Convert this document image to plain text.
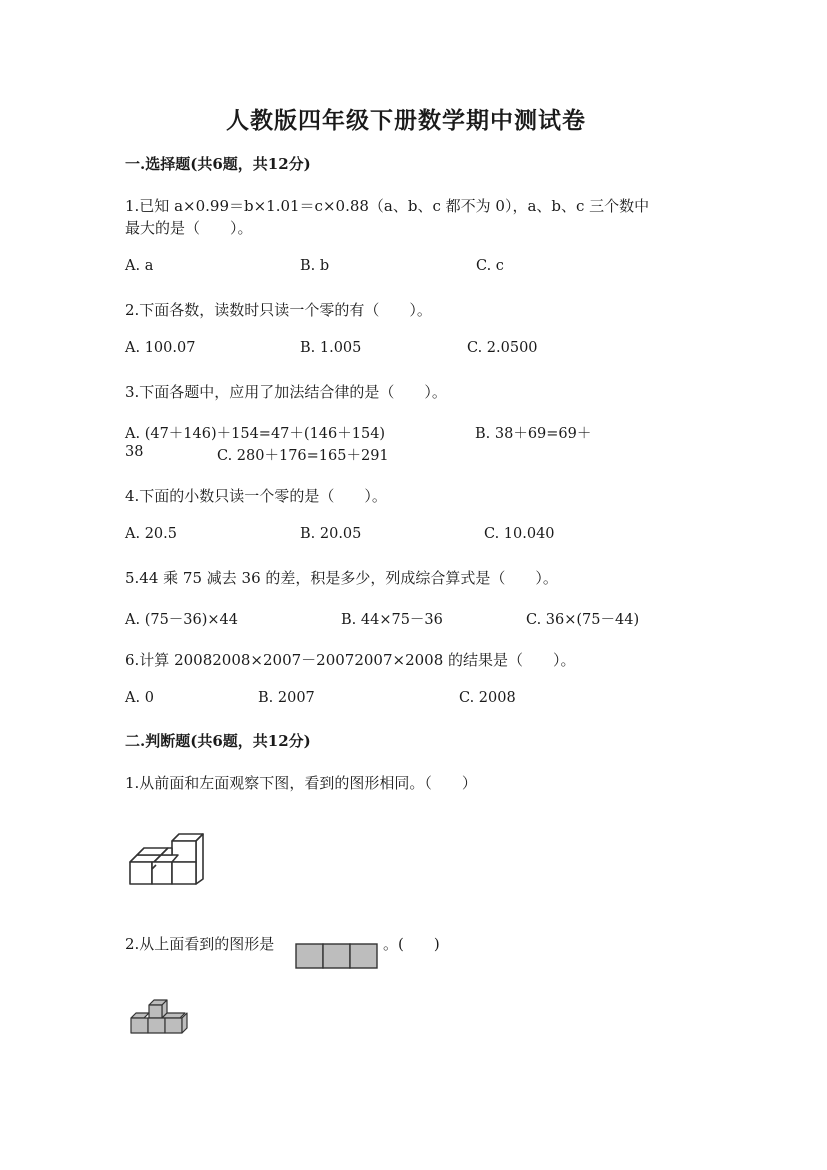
人教版四年级下册数学期中测试卷
一.选择题(共6题，共12分)
1.已知 a×0.99＝b×1.01＝c×0.88（a、b、c 都不为 0），a、b、c 三个数中
最大的是（　　）。
A. a	B. b	C. c
2.下面各数，读数时只读一个零的有（　　）。
A. 100.07	B. 1.005	C. 2.0500
3.下面各题中，应用了加法结合律的是（　　）。
A. (47＋146)＋154=47＋(146＋154)	B. 38＋69=69＋
38	C. 280＋176=165＋291
4.下面的小数只读一个零的是（　　）。
A. 20.5	B. 20.05	C. 10.040
5.44 乘 75 减去 36 的差，积是多少，列成综合算式是（　　）。
A. (75－36)×44	B. 44×75－36	C. 36×(75－44)
6.计算 20082008×2007－20072007×2008 的结果是（　　）。
A. 0	B. 2007	C. 2008
二.判断题(共6题，共12分)
1.从前面和左面观察下图，看到的图形相同。（　　）
2.从上面看到的图形是	。(　　)
